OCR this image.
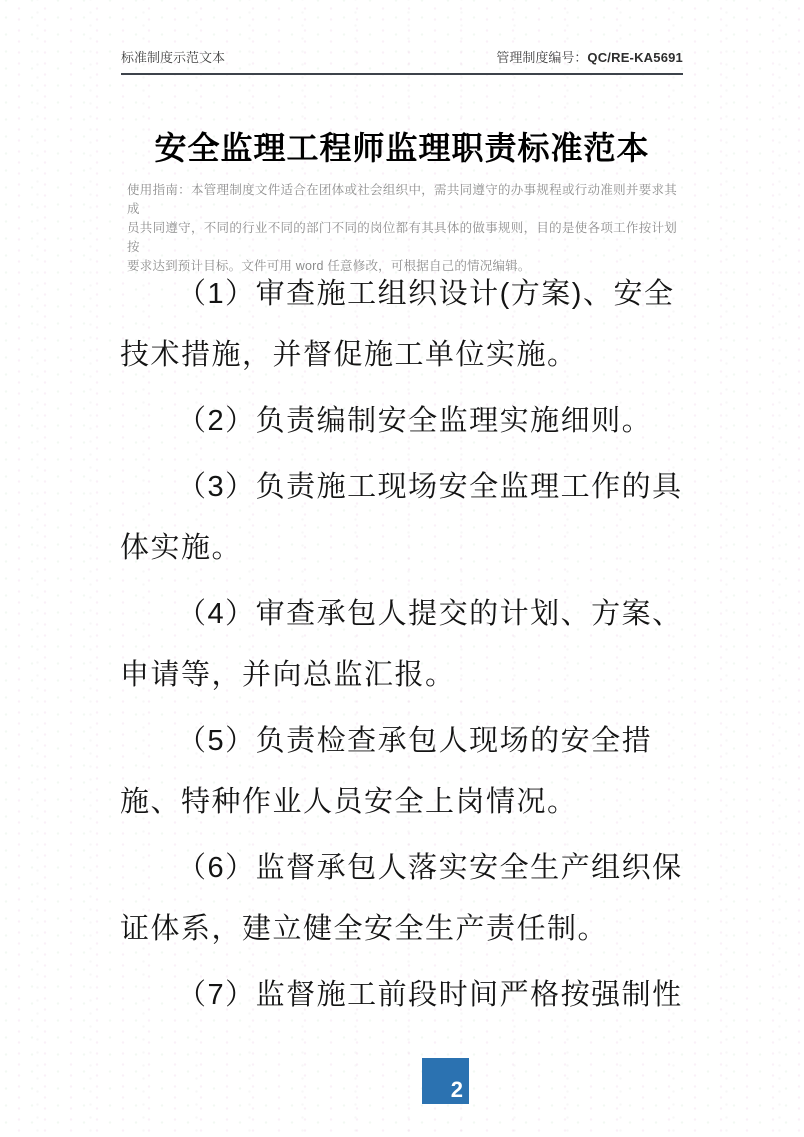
标准制度示范文本	管理制度编号：QC/RE-KA5691
安全监理工程师监理职责标准范本
使用指南：本管理制度文件适合在团体或社会组织中，需共同遵守的办事规程或行动准则并要求其成
员共同遵守，不同的行业不同的部门不同的岗位都有其具体的做事规则，目的是使各项工作按计划按
要求达到预计目标。文件可用 word 任意修改，可根据自己的情况编辑。
（1）审查施工组织设计(方案)、安全
技术措施，并督促施工单位实施。
（2）负责编制安全监理实施细则。
（3）负责施工现场安全监理工作的具
体实施。
（4）审查承包人提交的计划、方案、
申请等，并向总监汇报。
（5）负责检查承包人现场的安全措
施、特种作业人员安全上岗情况。
（6）监督承包人落实安全生产组织保
证体系，建立健全安全生产责任制。
（7）监督施工前段时间严格按强制性
2
